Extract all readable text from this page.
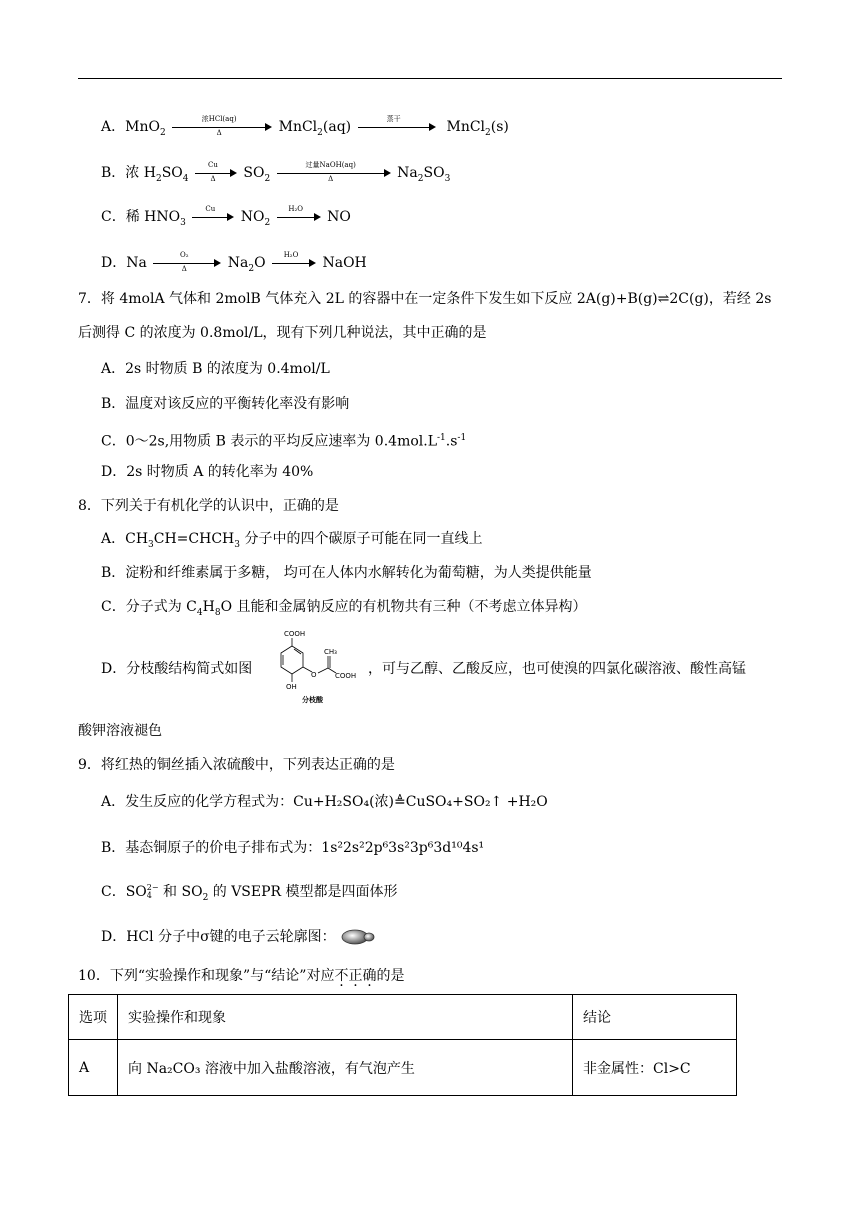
A．MnO$_2$
浓HCl(aq)
Δ	MnCl$_2$(aq)	蒸干	MnCl$_2$(s)
B．浓 $H_2SO_4 \frac{Cu}{\Delta} SO_2$
过量NaOH(aq)
Δ	$Na_2SO_3$
C．稀 $HNO_3$
Cu	$NO_2$
H₂O	NO
D．Na $\frac{\text{O₂}}{\Delta} Na_2O$	H₂O	NaOH
7．将 4molA 气体和 2molB 气体充入 2L 的容器中在一定条件下发生如下反应 2A(g)+B(g)⇌2C(g)，若经 2s
后测得 C 的浓度为 0.8mol/L，现有下列几种说法，其中正确的是
A．2s 时物质 B 的浓度为 0.4mol/L
B．温度对该反应的平衡转化率没有影响
C．0～2s,用物质 B 表示的平均反应速率为 $0.4mol.L^{-1}.s^{-1}$
D．2s 时物质 A 的转化率为 40%
8．下列关于有机化学的认识中，正确的是
A．$CH_3CH=CHCH_3$ 分子中的四个碳原子可能在同一直线上
B．淀粉和纤维素属于多糖， 均可在人体内水解转化为葡萄糖，为人类提供能量
C．分子式为 $C_4H_8O$ 且能和金属钠反应的有机物共有三种（不考虑立体异构）
D．分枝酸结构简式如图
COOH
O
CH₃
COOH
OH
分枝酸
，可与乙醇、乙酸反应，也可使溴的四氯化碳溶液、酸性高锰
酸钾溶液褪色
9．将红热的铜丝插入浓硫酸中，下列表达正确的是
A．发生反应的化学方程式为：Cu+H₂SO₄(浓)≜CuSO₄+SO₂↑ +H₂O
B．基态铜原子的价电子排布式为：1s²2s²2p⁶3s²3p⁶3d¹⁰4s¹
C．SO 2−
4 和 $SO_2$ 的 VSEPR 模型都是四面体形
D．HCl 分子中σ键的电子云轮廓图：
10．下列“实验操作和现象”与“结论”对应不正确的是
选项	实验操作和现象	结论
A	向 Na₂CO₃ 溶液中加入盐酸溶液，有气泡产生	非金属性：Cl>C
